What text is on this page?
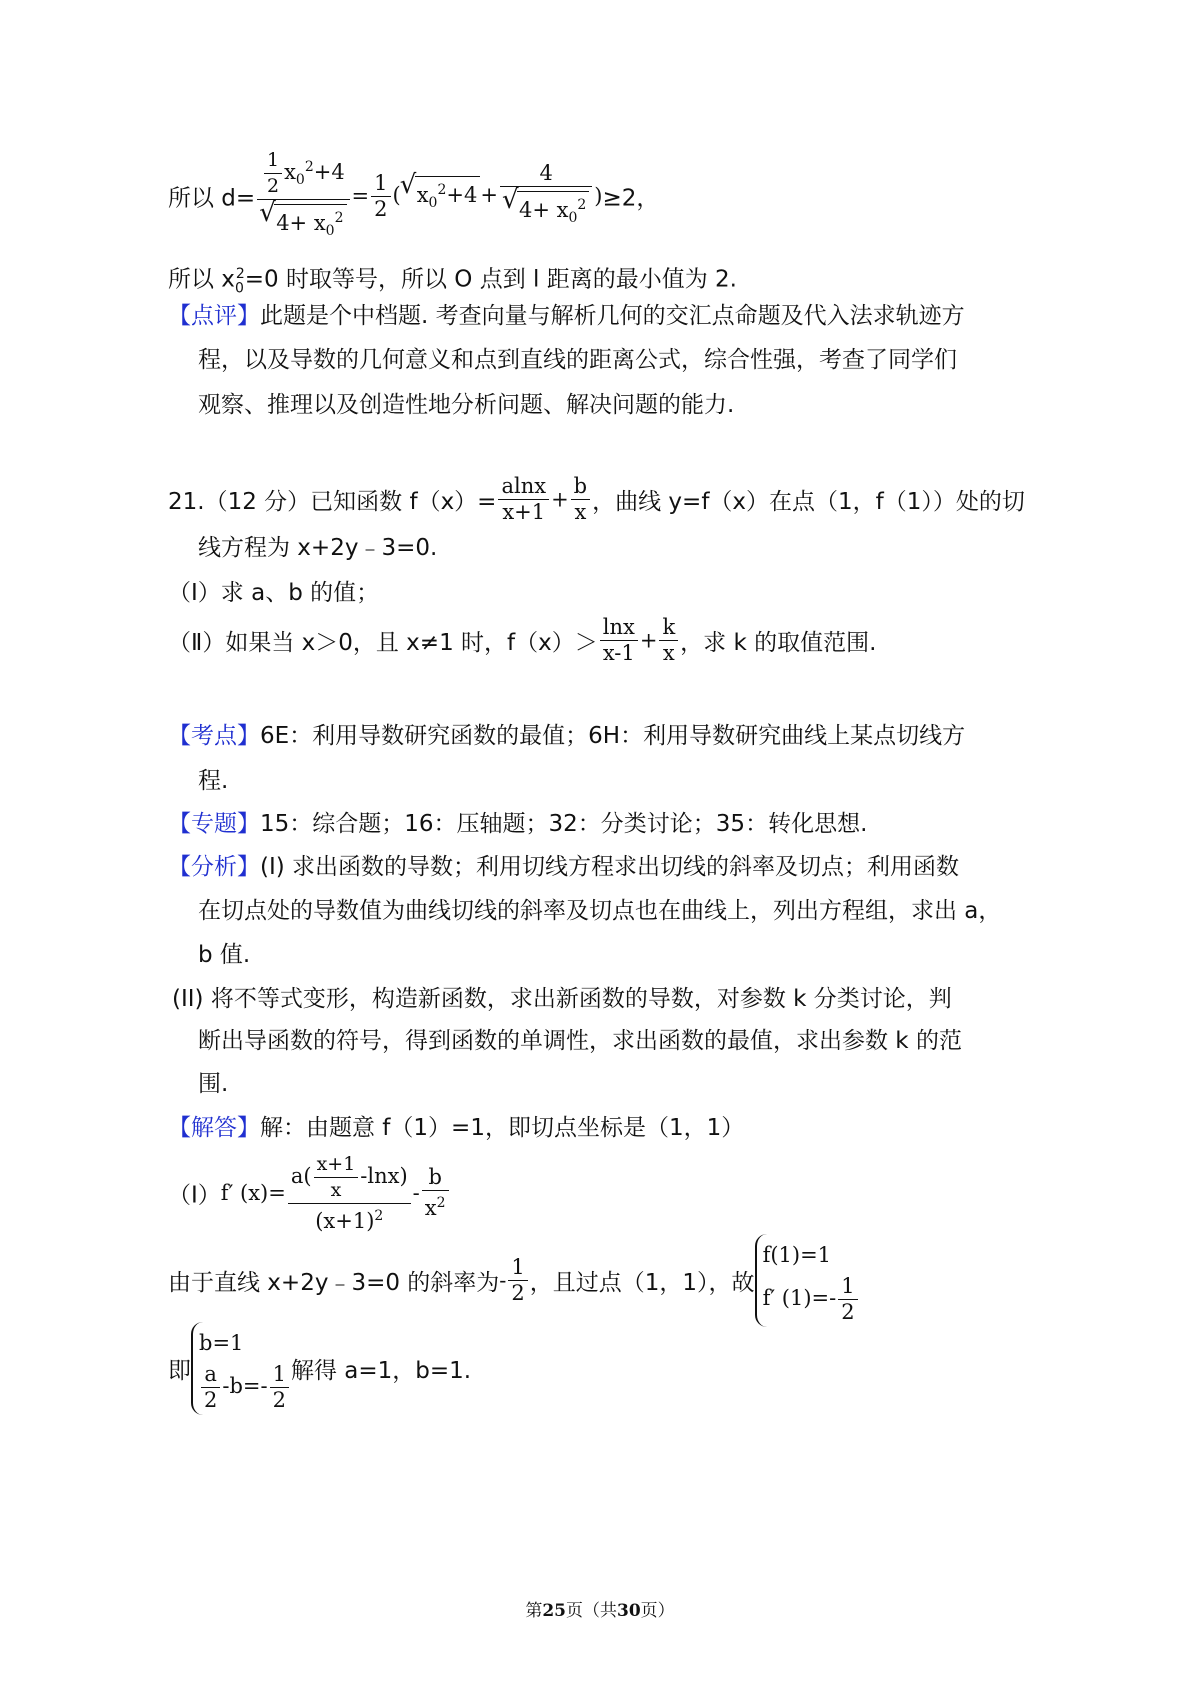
所以 $d= \frac{1}{2} x_0^2+4$
√ $4+ x_0^2 = \frac{1}{2}$ (√ $x_0^2+4 + 4$
√ $4+ x_0^2$ )≥2，
所以 $x_0^2=0$ 时取等号，所以 O 点到 l 距离的最小值为 2.
【点评】此题是个中档题. 考查向量与解析几何的交汇点命题及代入法求轨迹方
程，以及导数的几何意义和点到直线的距离公式，综合性强，考查了同学们
观察、推理以及创造性地分析问题、解决问题的能力.
21.（12 分）已知函数 $f(x)= \frac{alnx}{x+1} + \frac{b}{x}$ ，曲线 y=f（x）在点（1，f（1））处的切
线方程为 x+2y﹣3=0.
（Ⅰ）求 a、b 的值；
（Ⅱ）如果当 x＞0，且 x≠1 时，$f(x)> \frac{\ln x}{x-1} + \frac{k}{x}$ ，求 k 的取值范围.
【考点】6E：利用导数研究函数的最值；6H：利用导数研究曲线上某点切线方
程.
【专题】15：综合题；16：压轴题；32：分类讨论；35：转化思想.
【分析】(I) 求出函数的导数；利用切线方程求出切线的斜率及切点；利用函数
在切点处的导数值为曲线切线的斜率及切点也在曲线上，列出方程组，求出 a，
b 值.
(II) 将不等式变形，构造新函数，求出新函数的导数，对参数 k 分类讨论，判
断出导函数的符号，得到函数的单调性，求出函数的最值，求出参数 k 的范
围.
【解答】解：由题意 f（1）=1，即切点坐标是（1，1）
（Ⅰ）f′ $(x)= \frac{a( \frac{x+1}{x} -\ln x)}{(x+1)^2} - \frac{b}{x^2}$
由于直线 x+2y﹣3=0 的斜率为- $\frac{1}{2}$ ，且过点（1，1），故
f(1)=1
f′ $(1)=- \frac{1}{2}$
即
b=1
$\frac{a}{2} -b=- \frac{1}{2}$ 解得 a=1，b=1.
第25页（共30页）
